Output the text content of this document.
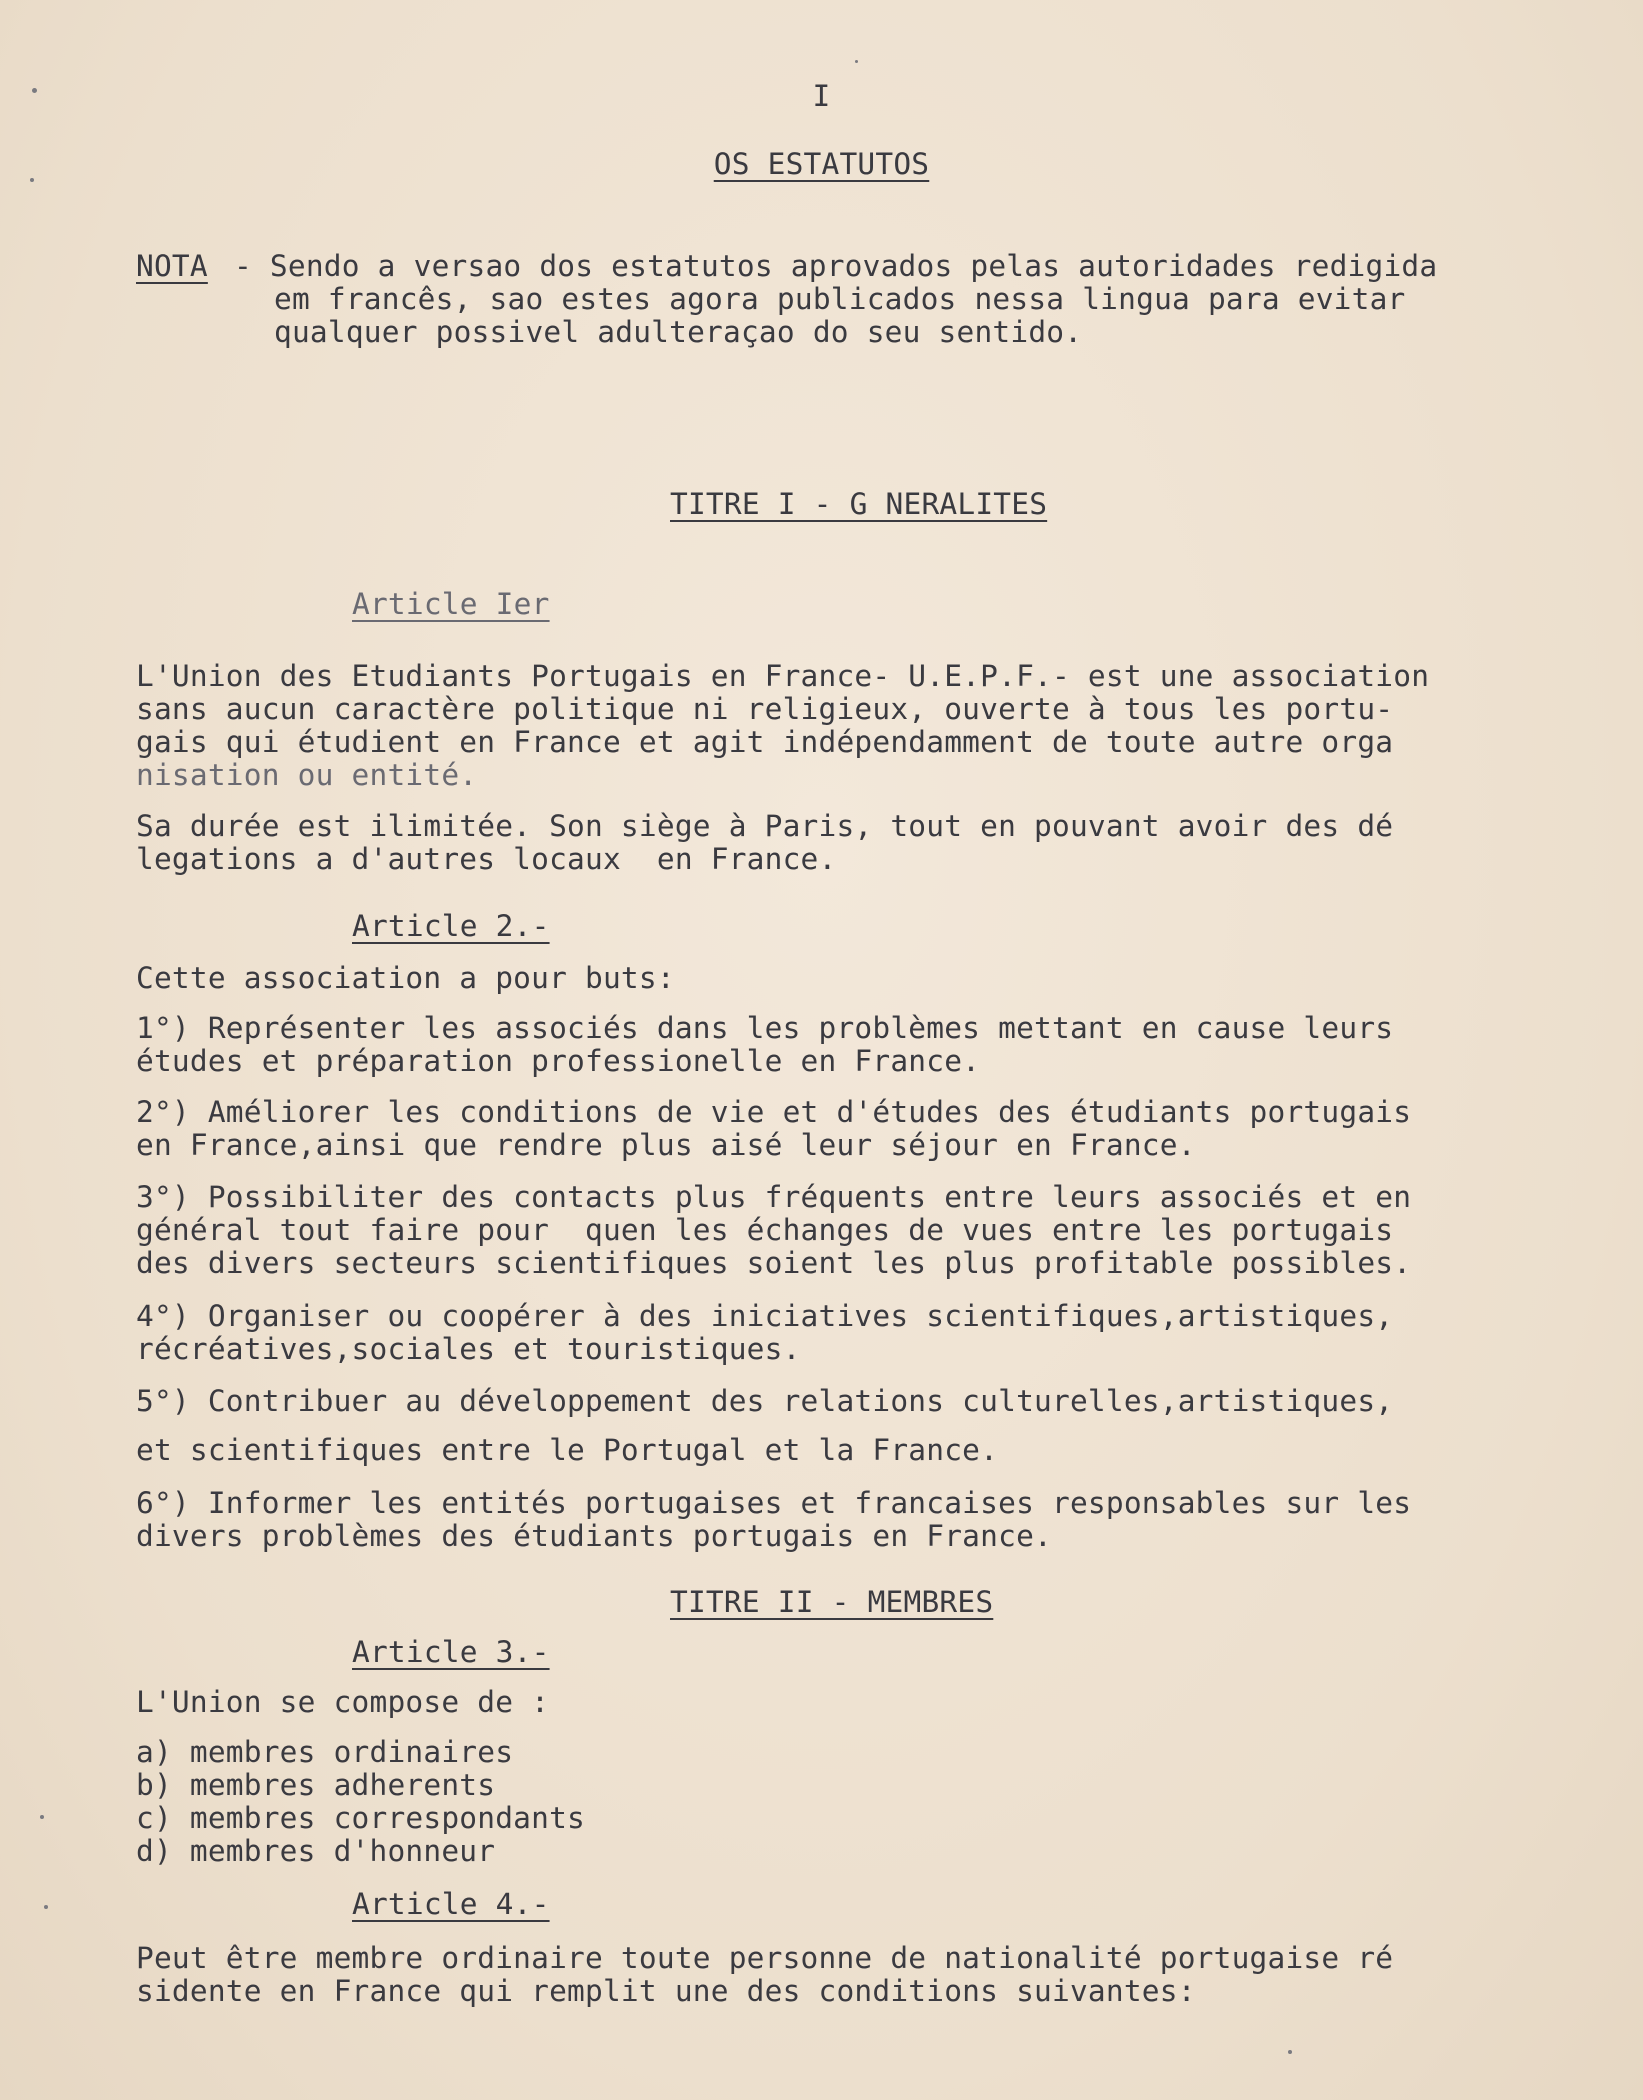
I
OS ESTATUTOS
NOTA - Sendo a versao dos estatutos aprovados pelas autoridades redigida
em francês, sao estes agora publicados nessa lingua para evitar
qualquer possivel adulteraçao do seu sentido.
TITRE I - G NERALITES
Article Ier
L'Union des Etudiants Portugais en France- U.E.P.F.- est une association
sans aucun caractère politique ni religieux, ouverte à tous les portu-
gais qui étudient en France et agit indépendamment de toute autre orga
nisation ou entité.
Sa durée est ilimitée. Son siège à Paris, tout en pouvant avoir des dé
legations a d'autres locaux  en France.
Article 2.-
Cette association a pour buts:
1°) Représenter les associés dans les problèmes mettant en cause leurs
études et préparation professionelle en France.
2°) Améliorer les conditions de vie et d'études des étudiants portugais
en France,ainsi que rendre plus aisé leur séjour en France.
3°) Possibiliter des contacts plus fréquents entre leurs associés et en
général tout faire pour  quen les échanges de vues entre les portugais
des divers secteurs scientifiques soient les plus profitable possibles.
4°) Organiser ou coopérer à des iniciatives scientifiques,artistiques,
récréatives,sociales et touristiques.
5°) Contribuer au développement des relations culturelles,artistiques,
et scientifiques entre le Portugal et la France.
6°) Informer les entités portugaises et francaises responsables sur les
divers problèmes des étudiants portugais en France.
TITRE II - MEMBRES
Article 3.-
L'Union se compose de :
a) membres ordinaires
b) membres adherents
c) membres correspondants
d) membres d'honneur
Article 4.-
Peut être membre ordinaire toute personne de nationalité portugaise ré
sidente en France qui remplit une des conditions suivantes:
